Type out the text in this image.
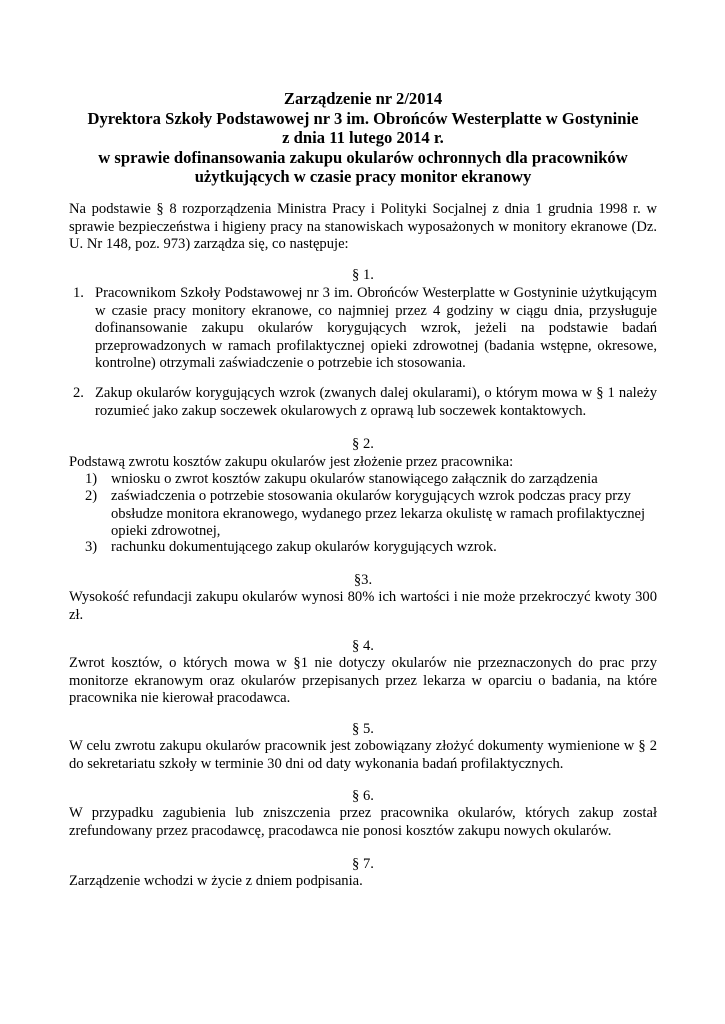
Zarządzenie nr 2/2014
Dyrektora Szkoły Podstawowej nr 3 im. Obrońców Westerplatte w Gostyninie
z dnia 11 lutego 2014 r.
w sprawie dofinansowania zakupu okularów ochronnych dla pracowników
użytkujących w czasie pracy monitor ekranowy
Na podstawie § 8 rozporządzenia Ministra Pracy i Polityki Socjalnej z dnia 1 grudnia 1998 r. w sprawie bezpieczeństwa i higieny pracy na stanowiskach wyposażonych w monitory ekranowe (Dz. U. Nr 148, poz. 973) zarządza się, co następuje:
§ 1.
1. Pracownikom Szkoły Podstawowej nr 3 im. Obrońców Westerplatte w Gostyninie użytkującym w czasie pracy monitory ekranowe, co najmniej przez 4 godziny w ciągu dnia, przysługuje dofinansowanie zakupu okularów korygujących wzrok, jeżeli na podstawie badań przeprowadzonych w ramach profilaktycznej opieki zdrowotnej (badania wstępne, okresowe, kontrolne) otrzymali zaświadczenie o potrzebie ich stosowania.
2. Zakup okularów korygujących wzrok (zwanych dalej okularami), o którym mowa w § 1 należy rozumieć jako zakup soczewek okularowych z oprawą lub soczewek kontaktowych.
§ 2.
Podstawą zwrotu kosztów zakupu okularów jest złożenie przez pracownika:
1) wniosku o zwrot kosztów zakupu okularów stanowiącego załącznik do zarządzenia
2) zaświadczenia o potrzebie stosowania okularów korygujących wzrok podczas pracy przy obsłudze monitora ekranowego, wydanego przez lekarza okulistę w ramach profilaktycznej opieki zdrowotnej,
3) rachunku dokumentującego zakup okularów korygujących wzrok.
§3.
Wysokość refundacji zakupu okularów wynosi 80% ich wartości i nie może przekroczyć kwoty 300 zł.
§ 4.
Zwrot kosztów, o których mowa w §1 nie dotyczy okularów nie przeznaczonych do prac przy monitorze ekranowym oraz okularów przepisanych przez lekarza w oparciu o badania, na które pracownika nie kierował pracodawca.
§ 5.
W celu zwrotu zakupu okularów pracownik jest zobowiązany złożyć dokumenty wymienione w § 2 do sekretariatu szkoły w terminie 30 dni od daty wykonania badań profilaktycznych.
§ 6.
W przypadku zagubienia lub zniszczenia przez pracownika okularów, których zakup został zrefundowany przez pracodawcę, pracodawca nie ponosi kosztów zakupu nowych okularów.
§ 7.
Zarządzenie wchodzi w życie z dniem podpisania.
